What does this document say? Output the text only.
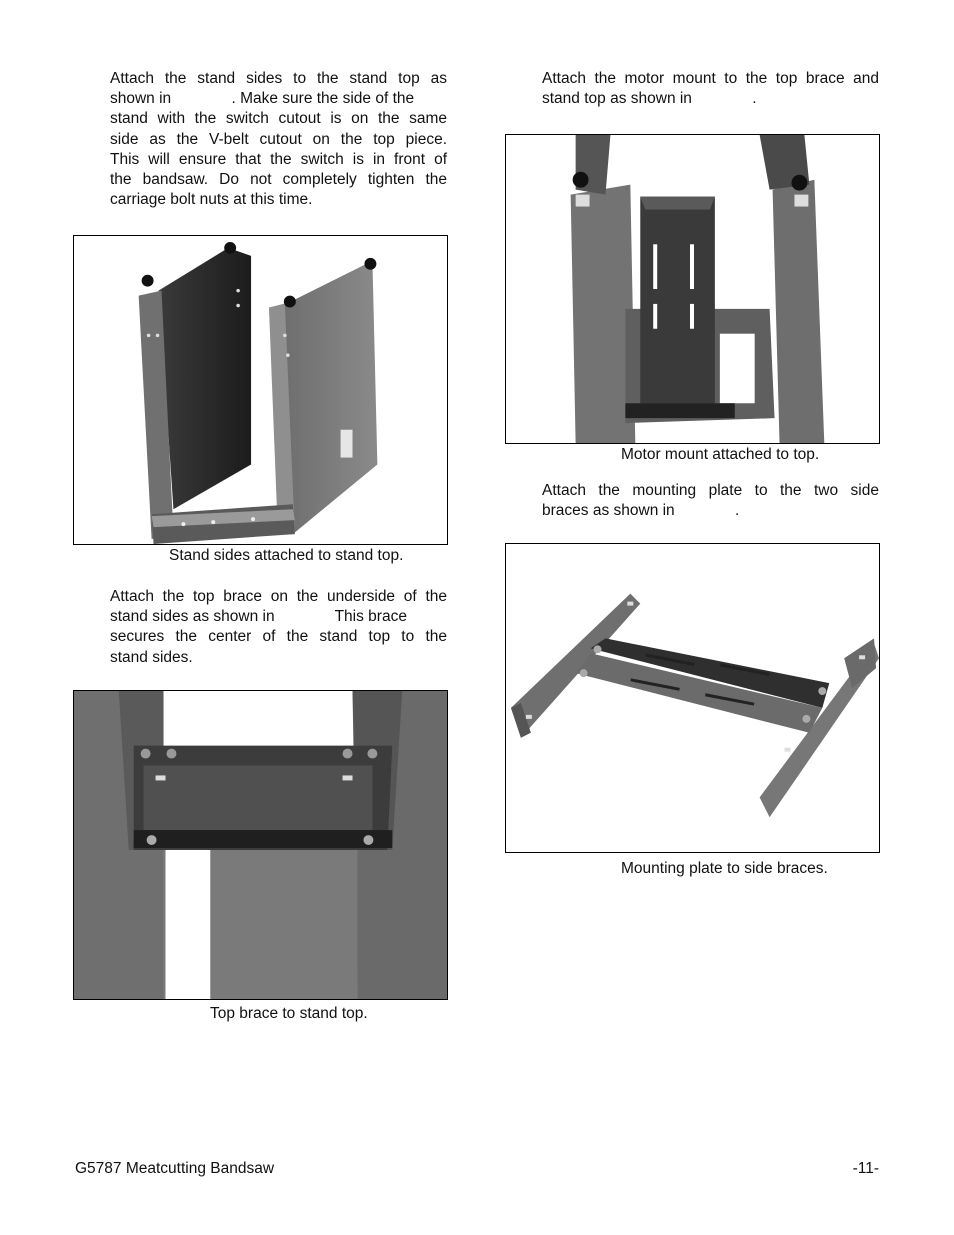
Attach  the  stand  sides  to  the  stand  top  as
shown in              . Make sure the side of the
stand with the switch cutout is on the same
side  as  the  V-belt  cutout  on  the  top  piece.
This will ensure that the switch is in front of
the bandsaw. Do not completely tighten the
carriage bolt nuts at this time.
Stand sides attached to stand top.
Attach the top brace on the underside of the
stand sides as shown in              This brace
secures  the  center  of  the  stand  top  to  the
stand sides.
Top brace to stand top.
Attach the motor mount to the top brace and
stand top as shown in              .
Motor mount attached to top.
Attach  the  mounting  plate  to  the  two  side
braces as shown in              .
Mounting plate to side braces.
G5787 Meatcutting Bandsaw	-11-
